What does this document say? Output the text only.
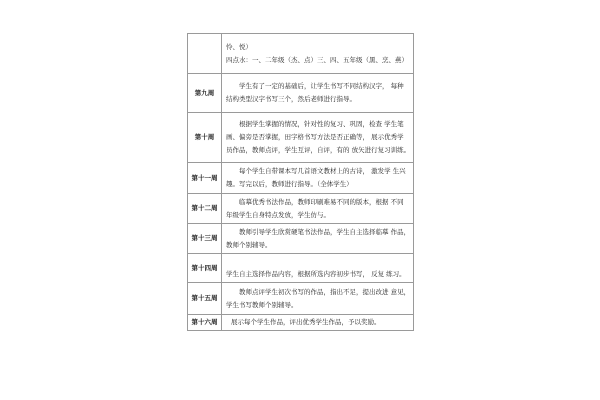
	怜、悦）
四点水：一、二年级（杰、点）三、四、五年级（黑、烹、燕）

第九周	学生有了一定的基础后，让学生书写不同结构汉字， 每种
结构类型汉字书写三个，然后老师进行指导。

第十周	根据学生掌握的情况，针对性的复习、巩固，检查 学生笔
画、偏旁是否掌握，田字格书写方法是否正确等， 展示优秀学
员作品，教师点评，学生互评，自评，有的 放矢进行复习训练。

第十一周	每个学生自带课本写几首语文教材上的古诗， 激发学 生兴
趣。写完以后，教师进行指导。（全体学生）

第十二周	临摹优秀书法作品，教师印刷难易不同的版本，根据 不同
年级学生自身特点发放，学生仿与。

第十三周	教师引导学生欣赏硬笔书法作品，学生自主选择临摹 作品，
教师个别辅导。

第十四周	学生自主选择作品内容，根据所选内容初步书写， 反复 练习。

第十五周	教师点评学生初次书写的作品，指出不足，提出改进 意见，
学生书写教师个别辅导。

第十六周	展示每个学生作品，评出优秀学生作品，予以奖励。
